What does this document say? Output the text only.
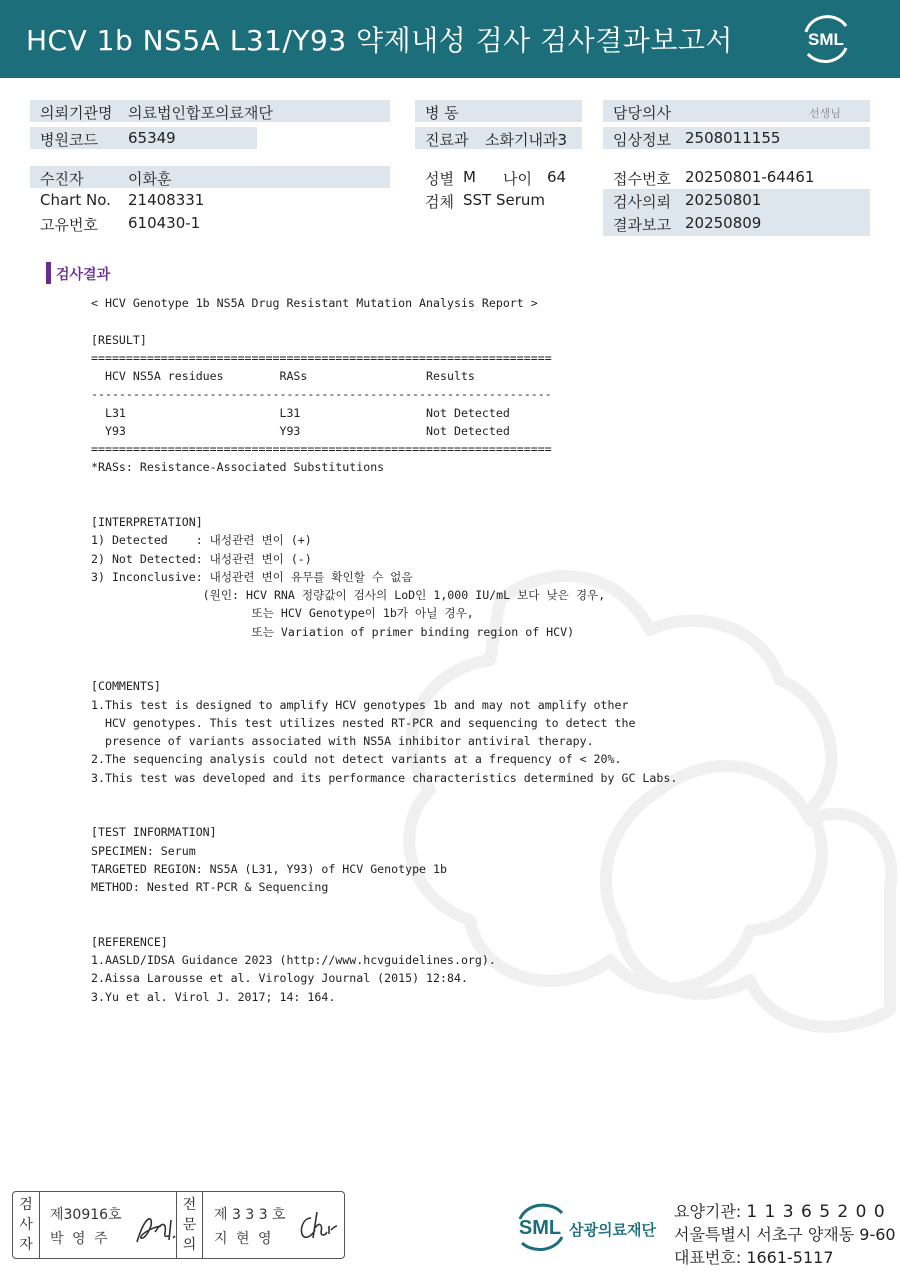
HCV 1b NS5A L31/Y93 약제내성 검사 검사결과보고서	SML
의뢰기관명 의료법인합포의료재단
병원코드 65349
병 동
진료과 소화기내과3
담당의사	선생님
임상정보 2508011155
수진자	이화훈
Chart No. 21408331
고유번호 610430-1
성별 M 나이 64
검체 SST Serum
접수번호 20250801-64461
검사의뢰 20250801
결과보고 20250809
검사결과
< HCV Genotype 1b NS5A Drug Resistant Mutation Analysis Report >

[RESULT]
==================================================================
HCV NS5A residues        RASs                 Results
------------------------------------------------------------------
L31                      L31                  Not Detected
Y93                      Y93                  Not Detected
==================================================================
*RASs: Resistance-Associated Substitutions

[INTERPRETATION]
1) Detected    : 내성관련 변이 (+)
2) Not Detected: 내성관련 변이 (-)
3) Inconclusive: 내성관련 변이 유무를 확인할 수 없음
(원인: HCV RNA 정량값이 검사의 LoD인 1,000 IU/mL 보다 낮은 경우,
또는 HCV Genotype이 1b가 아닐 경우,
또는 Variation of primer binding region of HCV)

[COMMENTS]
1.This test is designed to amplify HCV genotypes 1b and may not amplify other
HCV genotypes. This test utilizes nested RT-PCR and sequencing to detect the
presence of variants associated with NS5A inhibitor antiviral therapy.
2.The sequencing analysis could not detect variants at a frequency of < 20%.
3.This test was developed and its performance characteristics determined by GC Labs.

[TEST INFORMATION]
SPECIMEN: Serum
TARGETED REGION: NS5A (L31, Y93) of HCV Genotype 1b
METHOD: Nested RT-PCR & Sequencing

[REFERENCE]
1.AASLD/IDSA Guidance 2023 (http://www.hcvguidelines.org).
2.Aissa Larousse et al. Virology Journal (2015) 12:84.
3.Yu et al. Virol J. 2017; 14: 164.
검
사
자
제30916호
박 영 주
전
문
의
제 3 3 3 호
지 현 영	SML 삼광의료재단
요양기관: 1 1 3 6 5 2 0 0
서울특별시 서초구 양재동 9-60
대표번호: 1661-5117
